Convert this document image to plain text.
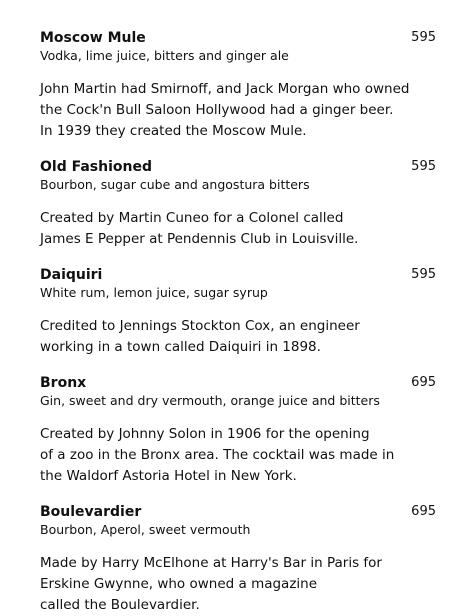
Moscow Mule	595

Vodka, lime juice, bitters and ginger ale

John Martin had Smirnoff, and Jack Morgan who owned
the Cock'n Bull Saloon Hollywood had a ginger beer.
In 1939 they created the Moscow Mule.

Old Fashioned	595

Bourbon, sugar cube and angostura bitters

Created by Martin Cuneo for a Colonel called
James E Pepper at Pendennis Club in Louisville.

Daiquiri	595

White rum, lemon juice, sugar syrup

Credited to Jennings Stockton Cox, an engineer
working in a town called Daiquiri in 1898.

Bronx	695

Gin, sweet and dry vermouth, orange juice and bitters

Created by Johnny Solon in 1906 for the opening
of a zoo in the Bronx area. The cocktail was made in
the Waldorf Astoria Hotel in New York.

Boulevardier	695

Bourbon, Aperol, sweet vermouth

Made by Harry McElhone at Harry's Bar in Paris for
Erskine Gwynne, who owned a magazine
called the Boulevardier.
